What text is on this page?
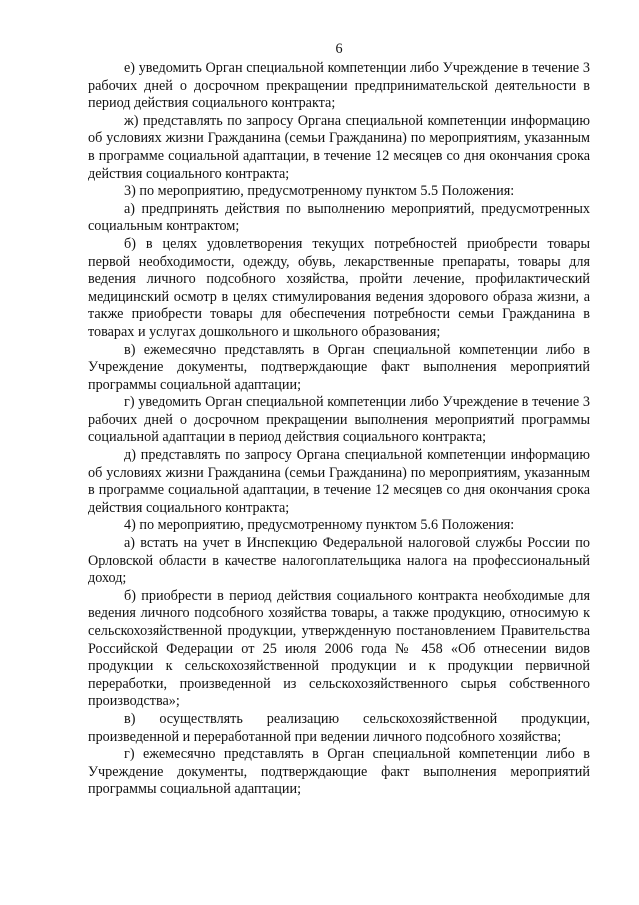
6

е) уведомить Орган специальной компетенции либо Учреждение в течение 3 рабочих дней о досрочном прекращении предпринимательской деятельности в период действия социального контракта;

ж) представлять по запросу Органа специальной компетенции информацию об условиях жизни Гражданина (семьи Гражданина) по мероприятиям, указанным в программе социальной адаптации, в течение 12 месяцев со дня окончания срока действия социального контракта;

3) по мероприятию, предусмотренному пунктом 5.5 Положения:

а) предпринять действия по выполнению мероприятий, предусмотренных социальным контрактом;

б) в целях удовлетворения текущих потребностей приобрести товары первой необходимости, одежду, обувь, лекарственные препараты, товары для ведения личного подсобного хозяйства, пройти лечение, профилактический медицинский осмотр в целях стимулирования ведения здорового образа жизни, а также приобрести товары для обеспечения потребности семьи Гражданина в товарах и услугах дошкольного и школьного образования;

в) ежемесячно представлять в Орган специальной компетенции либо в Учреждение документы, подтверждающие факт выполнения мероприятий программы социальной адаптации;

г) уведомить Орган специальной компетенции либо Учреждение в течение 3 рабочих дней о досрочном прекращении выполнения мероприятий программы социальной адаптации в период действия социального контракта;

д) представлять по запросу Органа специальной компетенции информацию об условиях жизни Гражданина (семьи Гражданина) по мероприятиям, указанным в программе социальной адаптации, в течение 12 месяцев со дня окончания срока действия социального контракта;

4) по мероприятию, предусмотренному пунктом 5.6 Положения:

а) встать на учет в Инспекцию Федеральной налоговой службы России по Орловской области в качестве налогоплательщика налога на профессиональный доход;

б) приобрести в период действия социального контракта необходимые для ведения личного подсобного хозяйства товары, а также продукцию, относимую к сельскохозяйственной продукции, утвержденную постановлением Правительства Российской Федерации от 25 июля 2006 года № 458 «Об отнесении видов продукции к сельскохозяйственной продукции и к продукции первичной переработки, произведенной из сельскохозяйственного сырья собственного производства»;

в) осуществлять реализацию сельскохозяйственной продукции, произведенной и переработанной при ведении личного подсобного хозяйства;

г) ежемесячно представлять в Орган специальной компетенции либо в Учреждение документы, подтверждающие факт выполнения мероприятий программы социальной адаптации;
